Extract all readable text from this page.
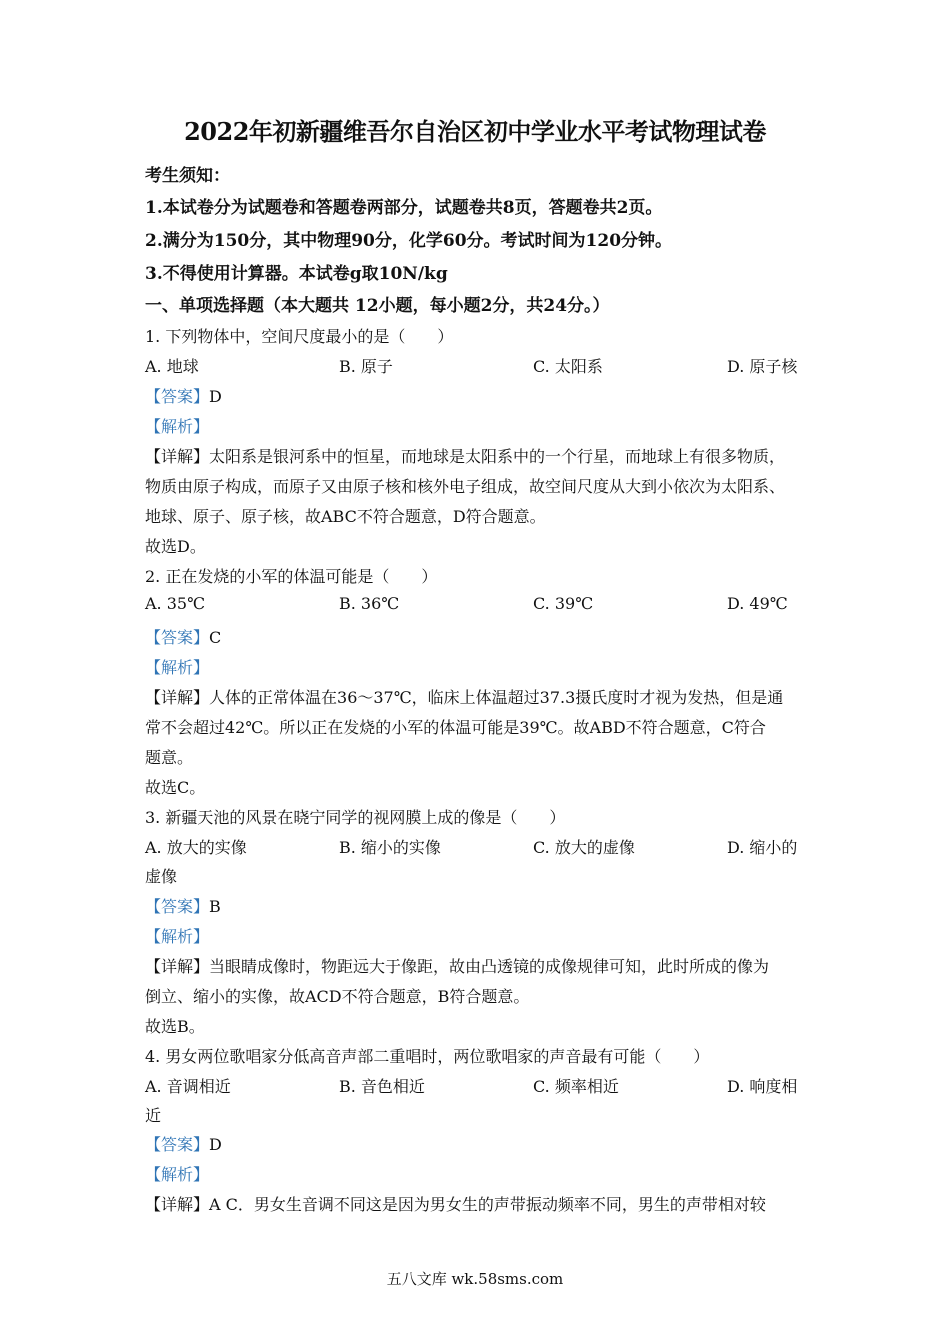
2022年初新疆维吾尔自治区初中学业水平考试物理试卷
考生须知：
1.本试卷分为试题卷和答题卷两部分，试题卷共8页，答题卷共2页。
2.满分为150分，其中物理90分，化学60分。考试时间为120分钟。
3.不得使用计算器。本试卷g取10N/kg
一、单项选择题（本大题共 12小题，每小题2分，共24分。）
1. 下列物体中，空间尺度最小的是（　　）
A. 地球	B. 原子	C. 太阳系	D. 原子核
【答案】D
【解析】
【详解】太阳系是银河系中的恒星，而地球是太阳系中的一个行星，而地球上有很多物质，
物质由原子构成，而原子又由原子核和核外电子组成，故空间尺度从大到小依次为太阳系、
地球、原子、原子核，故ABC不符合题意，D符合题意。
故选D。
2. 正在发烧的小军的体温可能是（　　）
A. 35℃	B. 36℃	C. 39℃	D. 49℃
【答案】C
【解析】
【详解】人体的正常体温在36～37℃，临床上体温超过37.3摄氏度时才视为发热，但是通
常不会超过42℃。所以正在发烧的小军的体温可能是39℃。故ABD不符合题意，C符合
题意。
故选C。
3. 新疆天池的风景在晓宁同学的视网膜上成的像是（　　）
A. 放大的实像	B. 缩小的实像	C. 放大的虚像	D. 缩小的
虚像
【答案】B
【解析】
【详解】当眼睛成像时，物距远大于像距，故由凸透镜的成像规律可知，此时所成的像为
倒立、缩小的实像，故ACD不符合题意，B符合题意。
故选B。
4. 男女两位歌唱家分低高音声部二重唱时，两位歌唱家的声音最有可能（　　）
A. 音调相近	B. 音色相近	C. 频率相近	D. 响度相
近
【答案】D
【解析】
【详解】A C．男女生音调不同这是因为男女生的声带振动频率不同，男生的声带相对较
五八文库 wk.58sms.com
